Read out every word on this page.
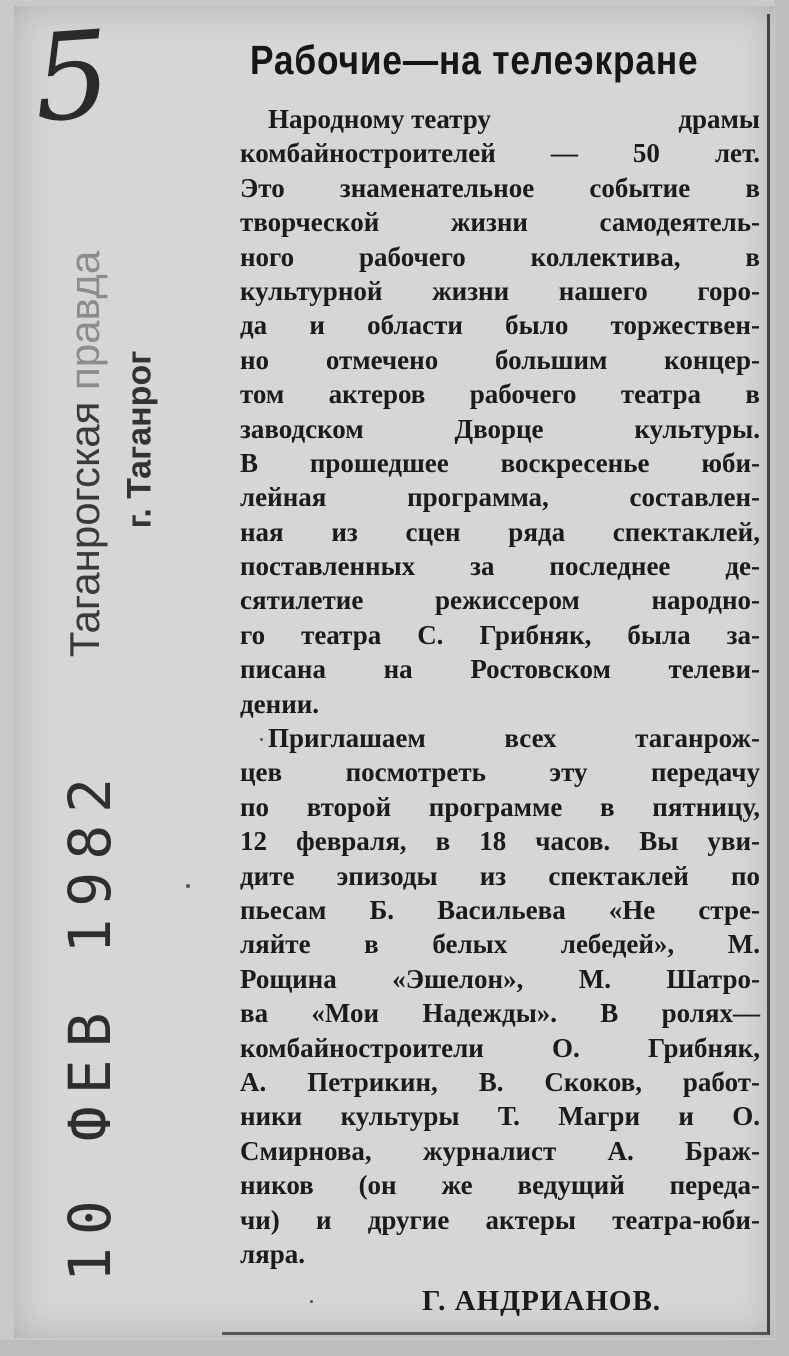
5
Таганрогская правда
г. Таганрог
10 ФЕВ 1982
Рабочие—на телеэкране
Народному театру	драмы
комбайностроителей — 50 лет.
Это знаменательное событие в
творческой	жизни	самодеятель-
ного рабочего коллектива, в
культурной жизни нашего горо-
да и области было торжествен-
но отмечено большим концер-
том актеров рабочего театра в
заводском	Дворце	культуры.
В прошедшее воскресенье юби-
лейная	программа,	составлен-
ная из сцен ряда спектаклей,
поставленных за последнее де-
сятилетие	режиссером	народно-
го театра С. Грибняк, была за-
писана на Ростовском телеви-
дении.
Приглашаем	всех	таганрож-
цев посмотреть эту передачу
по второй программе в пятницу,
12 февраля, в 18 часов. Вы уви-
дите эпизоды из спектаклей по
пьесам Б. Васильева «Не стре-
ляйте в белых лебедей», М.
Рощина «Эшелон», М. Шатро-
ва «Мои Надежды». В ролях—
комбайностроители	О.	Грибняк,
А. Петрикин, В. Скоков, работ-
ники культуры Т. Магри и О.
Смирнова, журналист А. Браж-
ников (он же ведущий переда-
чи) и другие актеры театра-юби-
ляра.
Г. АНДРИАНОВ.
